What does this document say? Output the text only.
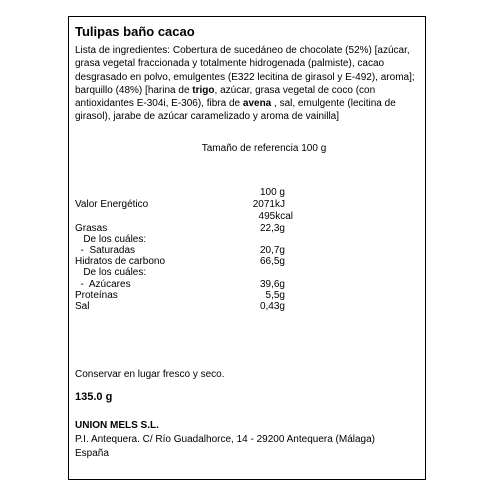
Tulipas baño cacao
Lista de ingredientes: Cobertura de sucedáneo de chocolate (52%) [azúcar, grasa vegetal fraccionada y totalmente hidrogenada (palmiste), cacao desgrasado en polvo, emulgentes (E322 lecitina de girasol y E-492), aroma]; barquillo (48%) [harina de trigo, azúcar, grasa vegetal de coco (con antioxidantes E-304i, E-306), fibra de avena , sal, emulgente (lecitina de girasol), jarabe de azúcar caramelizado y aroma de vainilla]
Tamaño de referencia 100 g
100 g
Valor Energético	2071kJ
495kcal
Grasas	22,3g
De los cuáles:
-  Saturadas	20,7g
Hidratos de carbono	66,5g
De los cuáles:
-  Azúcares	39,6g
Proteínas	5,5g
Sal	0,43g
Conservar en lugar fresco y seco.
135.0 g
UNION MELS S.L.
P.I. Antequera. C/ Río Guadalhorce, 14 - 29200 Antequera (Málaga)
España
